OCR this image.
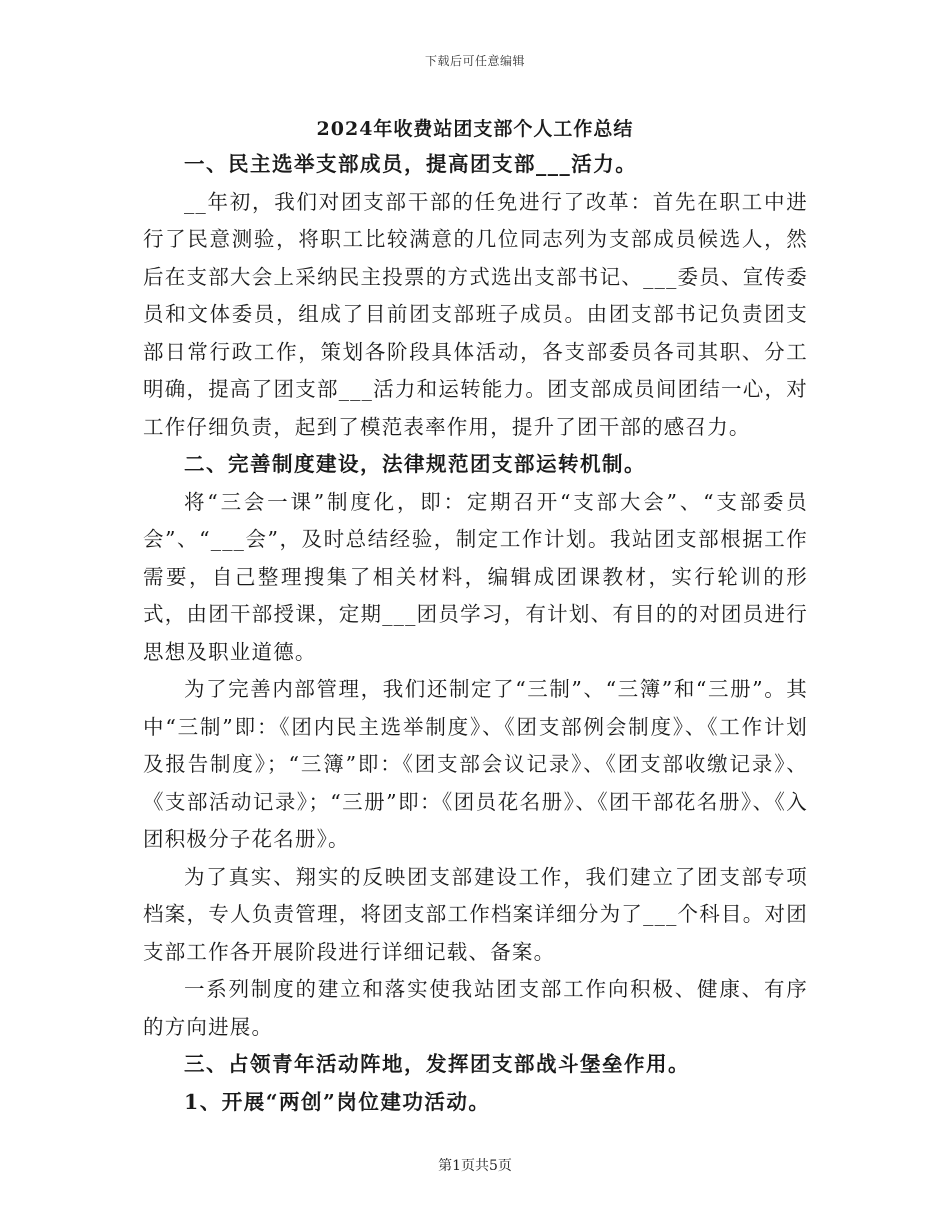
下载后可任意编辑
2024年收费站团支部个人工作总结
一、民主选举支部成员，提高团支部___活力。

__年初，我们对团支部干部的任免进行了改革：首先在职工中进行了民意测验，将职工比较满意的几位同志列为支部成员候选人，然后在支部大会上采纳民主投票的方式选出支部书记、___委员、宣传委员和文体委员，组成了目前团支部班子成员。由团支部书记负责团支部日常行政工作，策划各阶段具体活动，各支部委员各司其职、分工明确，提高了团支部___活力和运转能力。团支部成员间团结一心，对工作仔细负责，起到了模范表率作用，提升了团干部的感召力。

二、完善制度建设，法律规范团支部运转机制。

将“三会一课”制度化，即：定期召开“支部大会”、“支部委员会”、“___会”，及时总结经验，制定工作计划。我站团支部根据工作需要，自己整理搜集了相关材料，编辑成团课教材，实行轮训的形式，由团干部授课，定期___团员学习，有计划、有目的的对团员进行思想及职业道德。

为了完善内部管理，我们还制定了“三制”、“三簿”和“三册”。其中“三制”即：《团内民主选举制度》、《团支部例会制度》、《工作计划及报告制度》；“三簿”即：《团支部会议记录》、《团支部收缴记录》、《支部活动记录》；“三册”即：《团员花名册》、《团干部花名册》、《入团积极分子花名册》。

为了真实、翔实的反映团支部建设工作，我们建立了团支部专项档案，专人负责管理，将团支部工作档案详细分为了___个科目。对团支部工作各开展阶段进行详细记载、备案。

一系列制度的建立和落实使我站团支部工作向积极、健康、有序的方向进展。

三、占领青年活动阵地，发挥团支部战斗堡垒作用。
1、开展“两创”岗位建功活动。
第1页共5页
